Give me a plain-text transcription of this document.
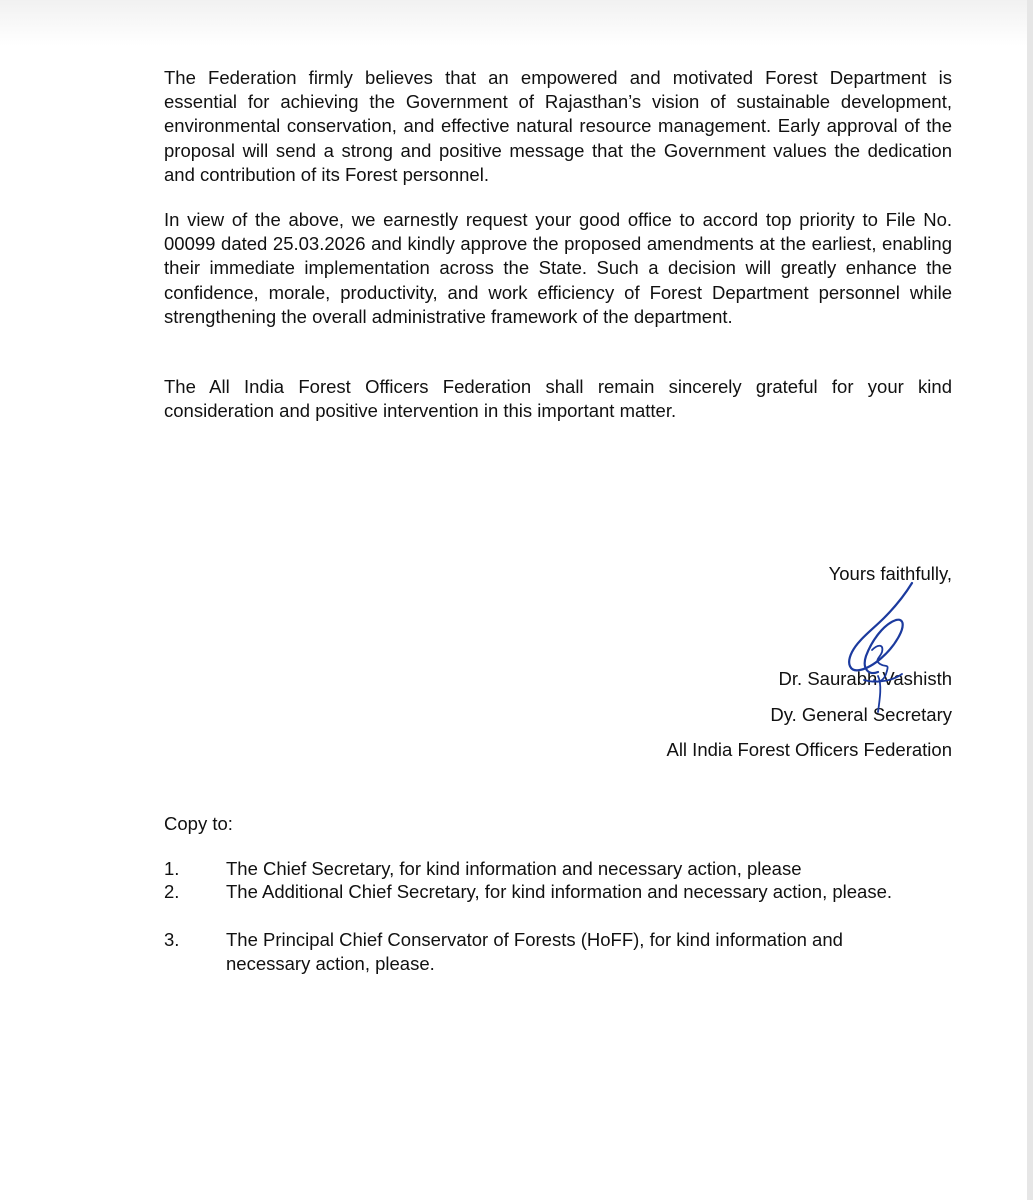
The Federation firmly believes that an empowered and motivated Forest Department is essential for achieving the Government of Rajasthan’s vision of sustainable development, environmental conservation, and effective natural resource management. Early approval of the proposal will send a strong and positive message that the Government values the dedication and contribution of its Forest personnel.

In view of the above, we earnestly request your good office to accord top priority to File No. 00099 dated 25.03.2026 and kindly approve the proposed amendments at the earliest, enabling their immediate implementation across the State. Such a decision will greatly enhance the confidence, morale, productivity, and work efficiency of Forest Department personnel while strengthening the overall administrative framework of the department.

The All India Forest Officers Federation shall remain sincerely grateful for your kind consideration and positive intervention in this important matter.

Yours faithfully,

Dr. Saurabh Vashisth

Dy. General Secretary

All India Forest Officers Federation

Copy to:

1.	The Chief Secretary, for kind information and necessary action, please
2.	The Additional Chief Secretary, for kind information and necessary action, please.
3.	The Principal Chief Conservator of Forests (HoFF), for kind information and necessary action, please.
